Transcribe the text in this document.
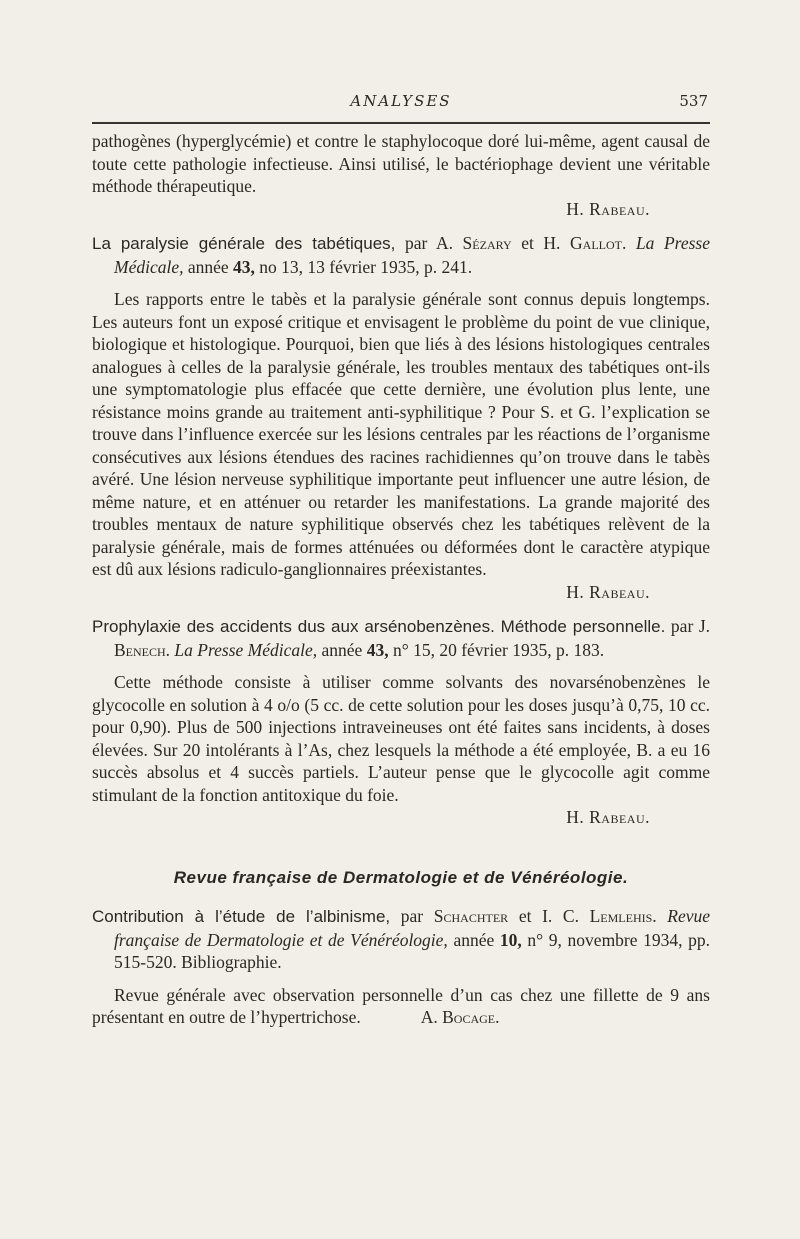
ANALYSES	537

pathogènes (hyperglycémie) et contre le staphylocoque doré lui-même, agent causal de toute cette pathologie infectieuse. Ainsi utilisé, le bactériophage devient une véritable méthode thérapeutique.

H. Rabeau.

La paralysie générale des tabétiques, par A. Sézary et H. Gallot. La Presse Médicale, année 43, no 13, 13 février 1935, p. 241.

Les rapports entre le tabès et la paralysie générale sont connus depuis longtemps. Les auteurs font un exposé critique et envisagent le problème du point de vue clinique, biologique et histologique. Pourquoi, bien que liés à des lésions histologiques centrales analogues à celles de la paralysie générale, les troubles mentaux des tabétiques ont-ils une symptomatologie plus effacée que cette dernière, une évolution plus lente, une résistance moins grande au traitement anti-syphilitique ? Pour S. et G. l’explication se trouve dans l’influence exercée sur les lésions centrales par les réactions de l’organisme consécutives aux lésions étendues des racines rachidiennes qu’on trouve dans le tabès avéré. Une lésion nerveuse syphilitique importante peut influencer une autre lésion, de même nature, et en atténuer ou retarder les manifestations. La grande majorité des troubles mentaux de nature syphilitique observés chez les tabétiques relèvent de la paralysie générale, mais de formes atténuées ou déformées dont le caractère atypique est dû aux lésions radiculo-ganglionnaires préexistantes.

H. Rabeau.

Prophylaxie des accidents dus aux arsénobenzènes. Méthode personnelle. par J. Benech. La Presse Médicale, année 43, n° 15, 20 février 1935, p. 183.

Cette méthode consiste à utiliser comme solvants des novarsénobenzènes le glycocolle en solution à 4 o/o (5 cc. de cette solution pour les doses jusqu’à 0,75, 10 cc. pour 0,90). Plus de 500 injections intraveineuses ont été faites sans incidents, à doses élevées. Sur 20 intolérants à l’As, chez lesquels la méthode a été employée, B. a eu 16 succès absolus et 4 succès partiels. L’auteur pense que le glycocolle agit comme stimulant de la fonction antitoxique du foie.

H. Rabeau.

Revue française de Dermatologie et de Vénéréologie.

Contribution à l’étude de l’albinisme, par Schachter et I. C. Lemlehis. Revue française de Dermatologie et de Vénéréologie, année 10, n° 9, novembre 1934, pp. 515-520. Bibliographie.

Revue générale avec observation personnelle d’un cas chez une fillette de 9 ans présentant en outre de l’hypertrichose.	A. Bocage.
